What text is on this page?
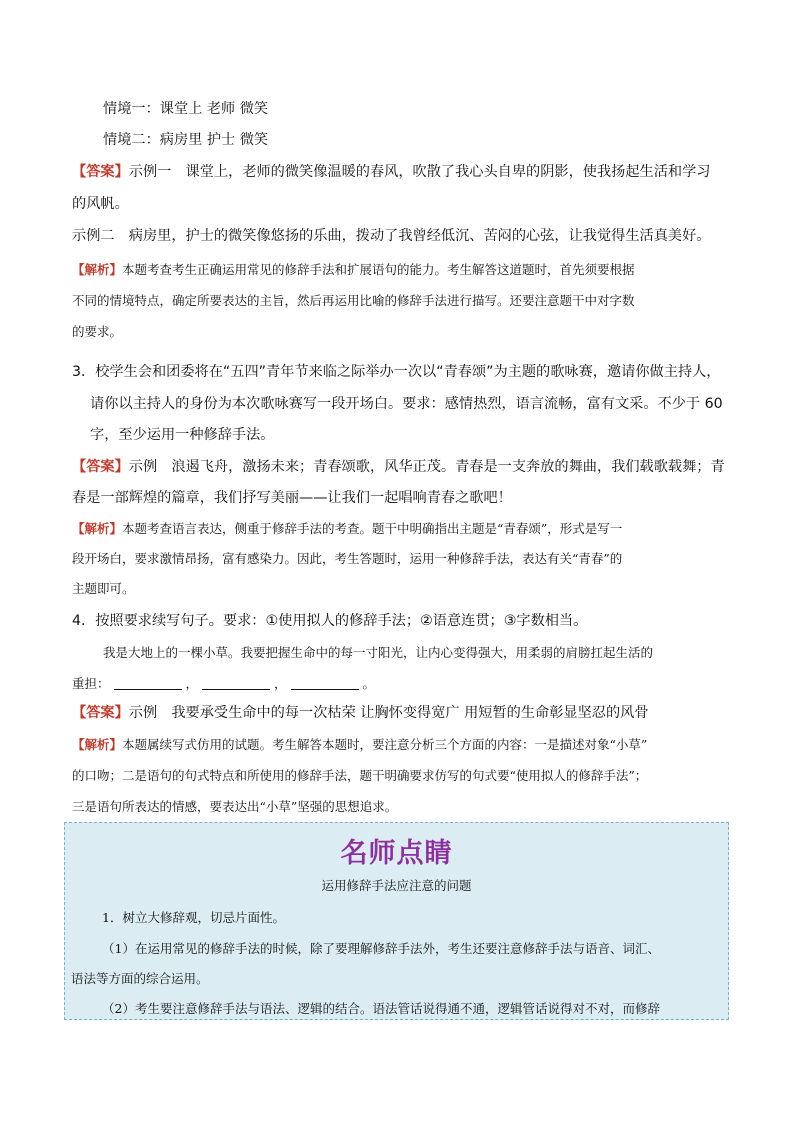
情境一：课堂上 老师 微笑
情境二：病房里 护士 微笑
【答案】示例一　课堂上，老师的微笑像温暖的春风，吹散了我心头自卑的阴影，使我扬起生活和学习
的风帆。
示例二　病房里，护士的微笑像悠扬的乐曲，拨动了我曾经低沉、苦闷的心弦，让我觉得生活真美好。
【解析】本题考查考生正确运用常见的修辞手法和扩展语句的能力。考生解答这道题时，首先须要根据
不同的情境特点，确定所要表达的主旨，然后再运用比喻的修辞手法进行描写。还要注意题干中对字数
的要求。
3．校学生会和团委将在“五四”青年节来临之际举办一次以“青春颂”为主题的歌咏赛，邀请你做主持人，
请你以主持人的身份为本次歌咏赛写一段开场白。要求：感情热烈，语言流畅，富有文采。不少于 60
字，至少运用一种修辞手法。
【答案】示例　浪遏飞舟，激扬未来；青春颂歌，风华正茂。青春是一支奔放的舞曲，我们载歌载舞；青
春是一部辉煌的篇章，我们抒写美丽——让我们一起唱响青春之歌吧！
【解析】本题考查语言表达，侧重于修辞手法的考查。题干中明确指出主题是“青春颂”，形式是写一
段开场白，要求激情昂扬，富有感染力。因此，考生答题时，运用一种修辞手法，表达有关“青春”的
主题即可。
4．按照要求续写句子。要求：①使用拟人的修辞手法；②语意连贯；③字数相当。
我是大地上的一棵小草。我要把握生命中的每一寸阳光，让内心变得强大，用柔弱的肩膀扛起生活的
重担：	，	，	。
【答案】示例　我要承受生命中的每一次枯荣 让胸怀变得宽广 用短暂的生命彰显坚忍的风骨
【解析】本题属续写式仿用的试题。考生解答本题时，要注意分析三个方面的内容：一是描述对象“小草”
的口吻；二是语句的句式特点和所使用的修辞手法，题干明确要求仿写的句式要“使用拟人的修辞手法”；
三是语句所表达的情感，要表达出“小草”坚强的思想追求。
名师点睛
运用修辞手法应注意的问题
1．树立大修辞观，切忌片面性。
（1）在运用常见的修辞手法的时候，除了要理解修辞手法外，考生还要注意修辞手法与语音、词汇、
语法等方面的综合运用。
（2）考生要注意修辞手法与语法、逻辑的结合。语法管话说得通不通，逻辑管话说得对不对，而修辞
